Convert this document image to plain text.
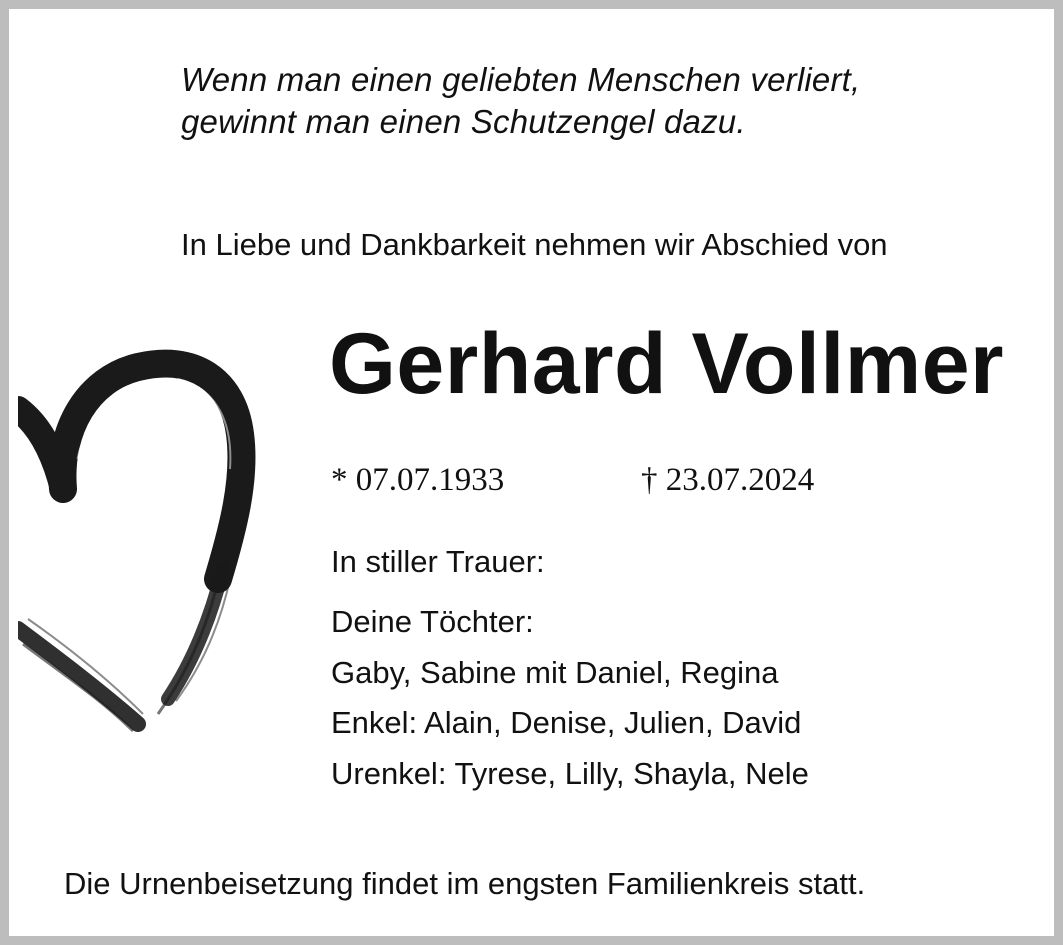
Wenn man einen geliebten Menschen verliert,
gewinnt man einen Schutzengel dazu.
In Liebe und Dankbarkeit nehmen wir Abschied von
Gerhard Vollmer
* 07.07.1933	† 23.07.2024
In stiller Trauer:
Deine Töchter:
Gaby, Sabine mit Daniel, Regina
Enkel: Alain, Denise, Julien, David
Urenkel: Tyrese, Lilly, Shayla, Nele
Die Urnenbeisetzung findet im engsten Familienkreis statt.
